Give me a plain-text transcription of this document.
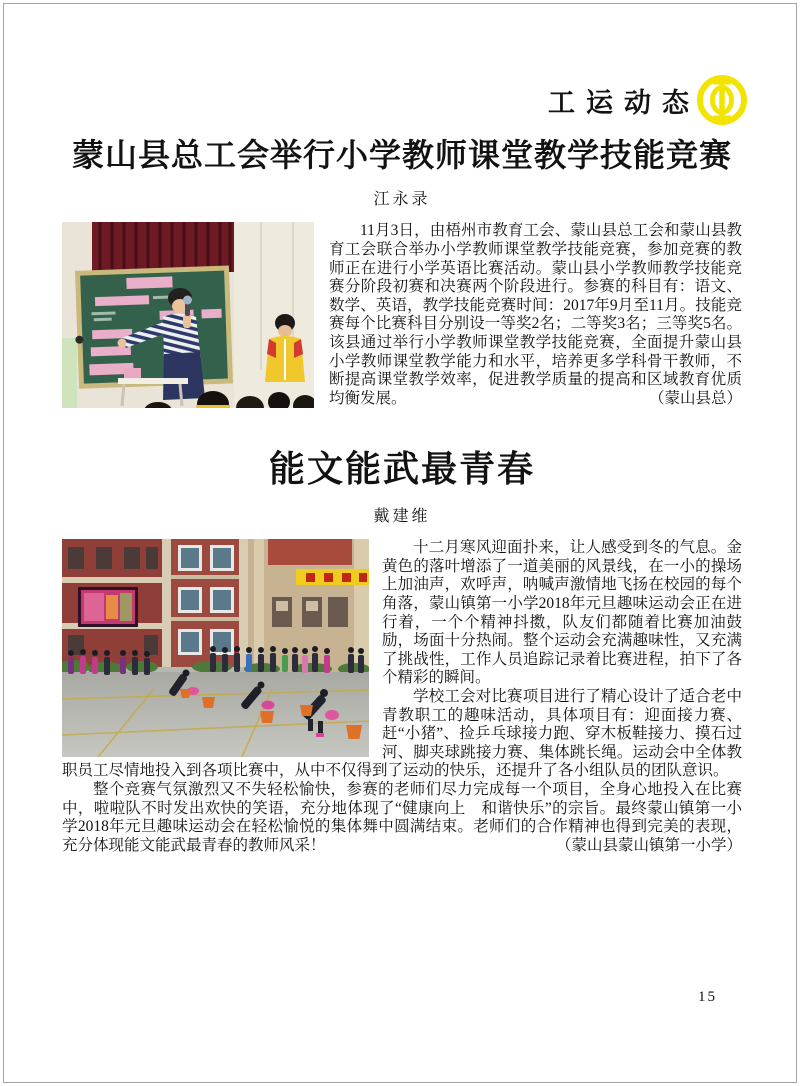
工运动态
蒙山县总工会举行小学教师课堂教学技能竞赛
江永录

11月3日，由梧州市教育工会、蒙山县总工会和蒙山县教育工会联合举办小学教师课堂教学技能竞赛，参加竞赛的教师正在进行小学英语比赛活动。蒙山县小学教师教学技能竞赛分阶段初赛和决赛两个阶段进行。参赛的科目有：语文、数学、英语，教学技能竞赛时间：2017年9月至11月。技能竞赛每个比赛科目分别设一等奖2名；二等奖3名；三等奖5名。该县通过举行小学教师课堂教学技能竞赛，全面提升蒙山县小学教师课堂教学能力和水平，培养更多学科骨干教师，不断提高课堂教学效率，促进教学质量的提高和区域教育优质均衡发展。	（蒙山县总）

能文能武最青春
戴建维

十二月寒风迎面扑来，让人感受到冬的气息。金黄色的落叶增添了一道美丽的风景线，在一小的操场上加油声，欢呼声，呐喊声激情地飞扬在校园的每个角落，蒙山镇第一小学2018年元旦趣味运动会正在进行着，一个个精神抖擞，队友们都随着比赛加油鼓励，场面十分热闹。整个运动会充满趣味性，又充满了挑战性，工作人员追踪记录着比赛进程，拍下了各个精彩的瞬间。

学校工会对比赛项目进行了精心设计了适合老中青教职工的趣味活动，具体项目有：迎面接力赛、赶“小猪”、捡乒乓球接力跑、穿木板鞋接力、摸石过河、脚夹球跳接力赛、集体跳长绳。运动会中全体教职员工尽情地投入到各项比赛中，从中不仅得到了运动的快乐，还提升了各小组队员的团队意识。

整个竞赛气氛激烈又不失轻松愉快，参赛的老师们尽力完成每一个项目，全身心地投入在比赛中，啦啦队不时发出欢快的笑语，充分地体现了“健康向上　和谐快乐”的宗旨。最终蒙山镇第一小学2018年元旦趣味运动会在轻松愉悦的集体舞中圆满结束。老师们的合作精神也得到完美的表现，充分体现能文能武最青春的教师风采！	（蒙山县蒙山镇第一小学）

15
